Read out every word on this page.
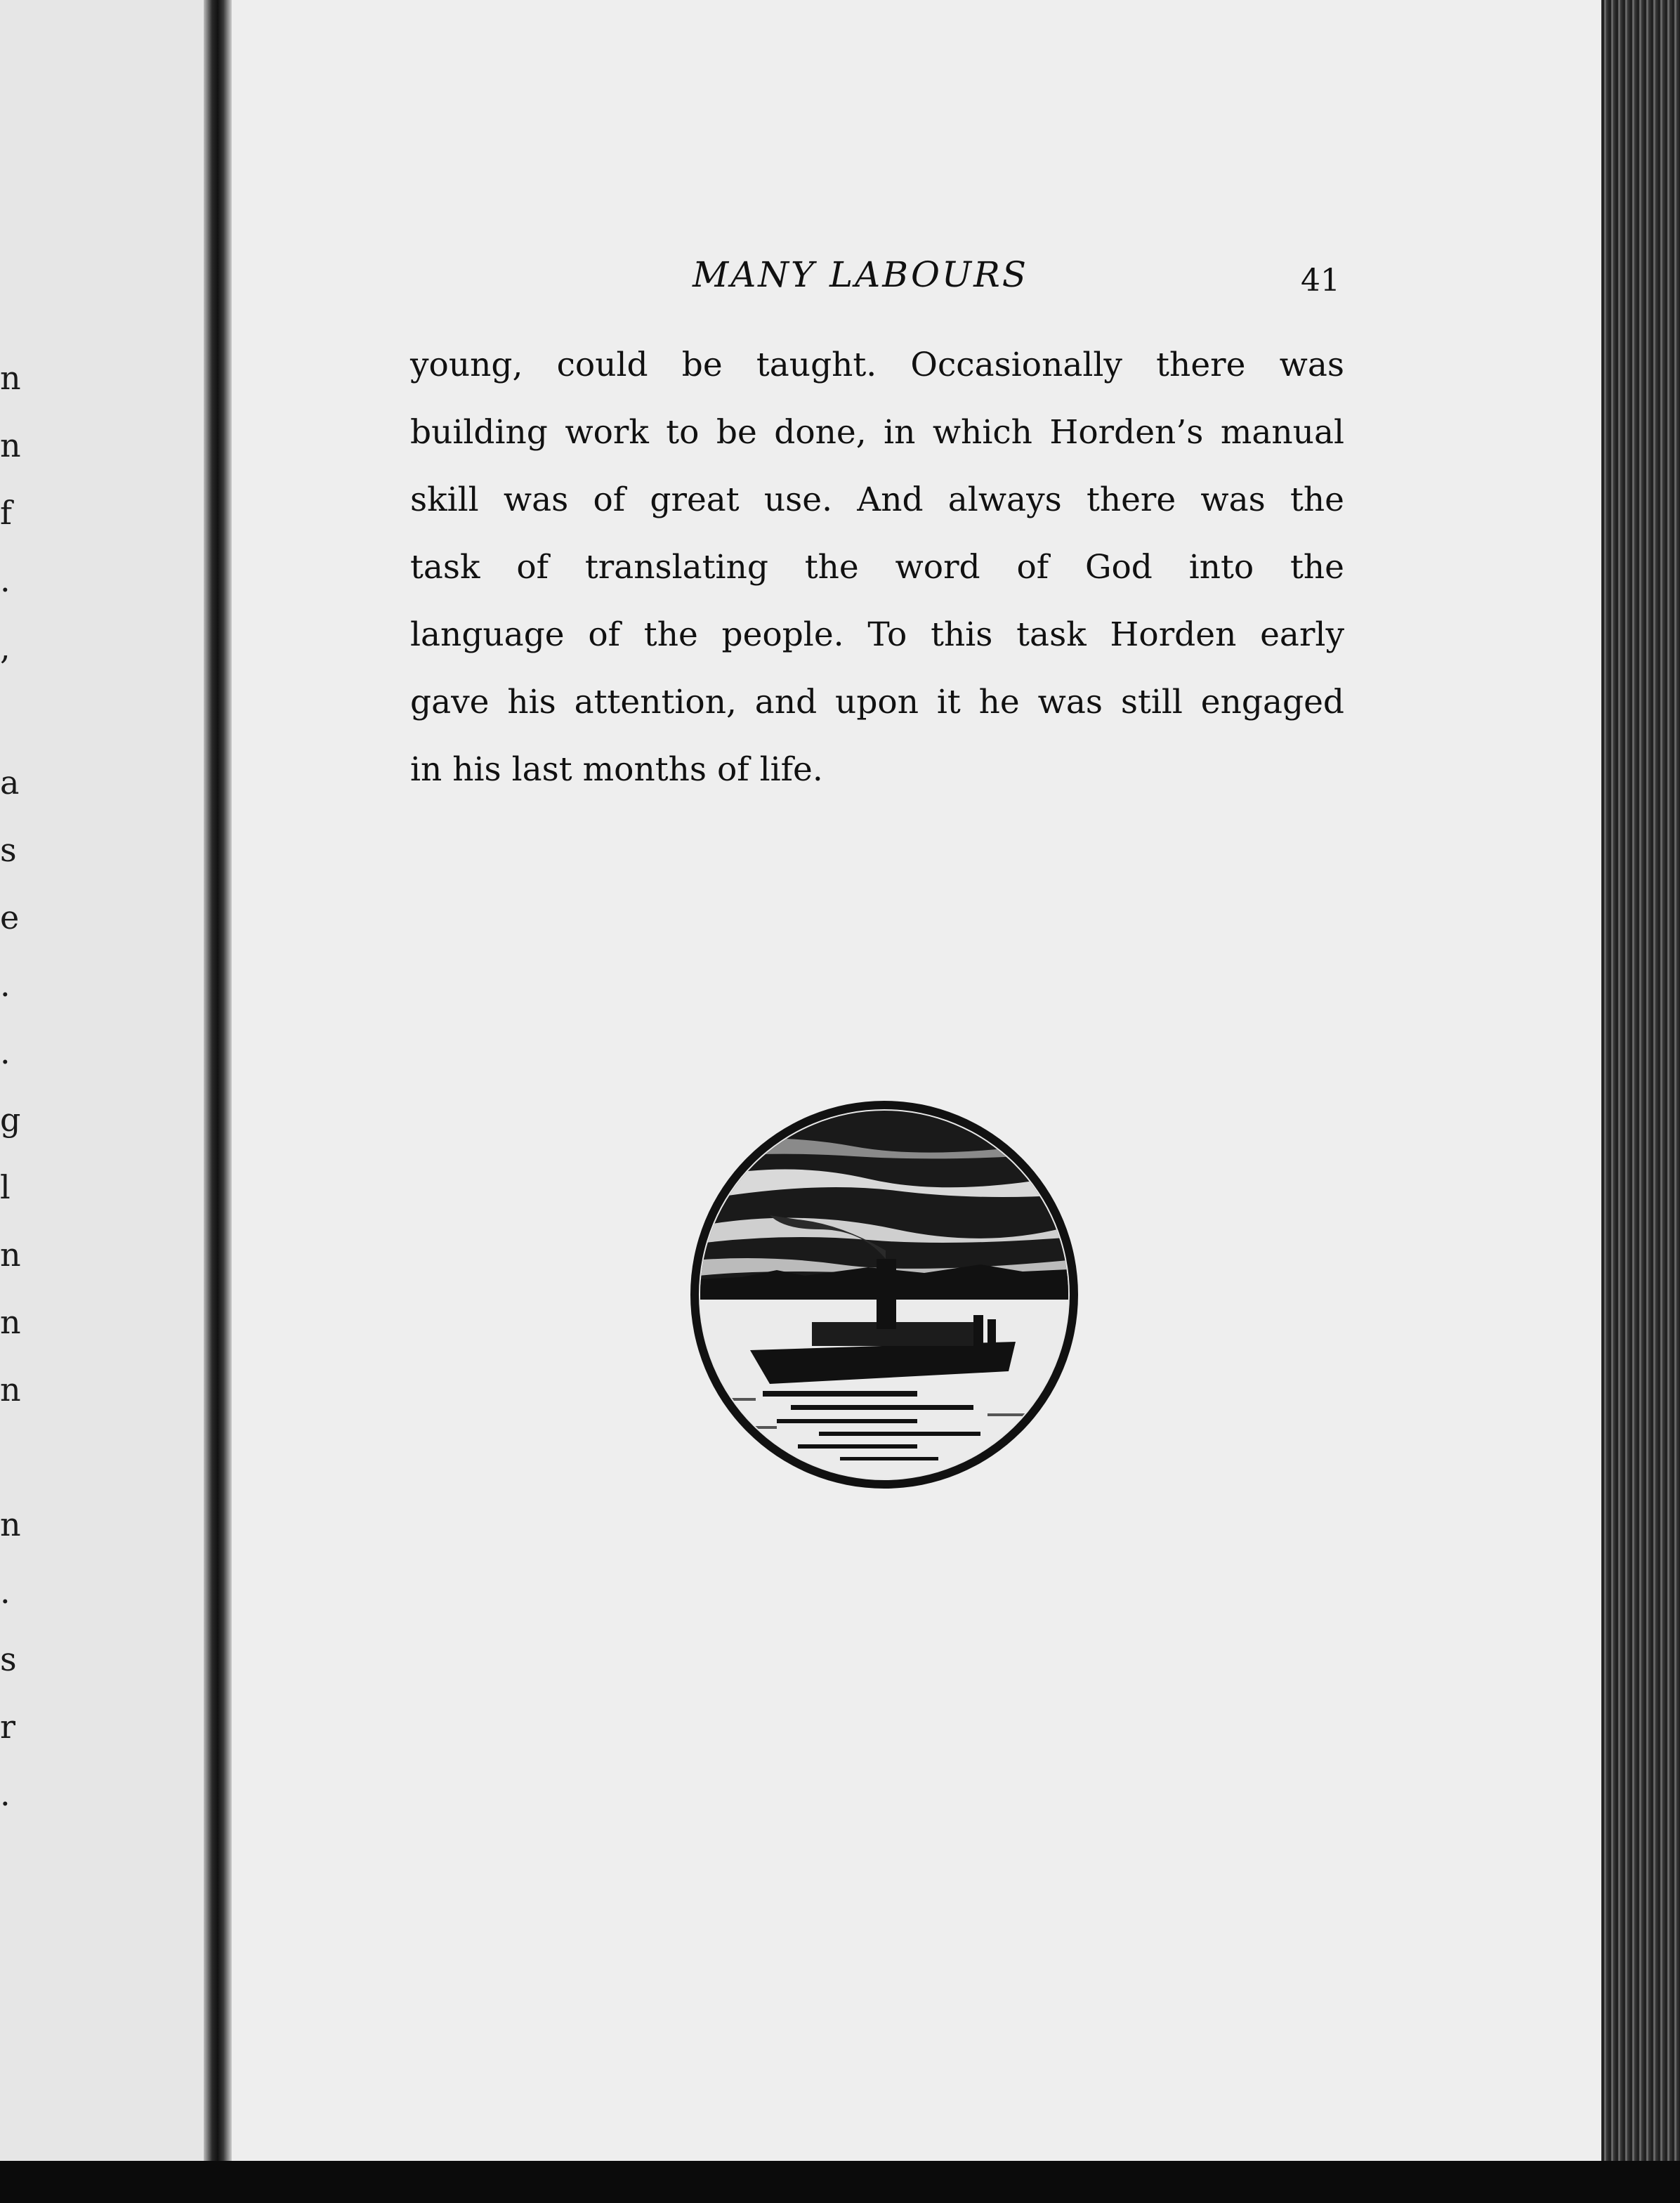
n
n
f
.
,
a
s
e
.
.
g
l
n
n
n
n
.
s
r
.
MANY LABOURS	41
young, could be taught. Occasionally there was
building work to be done, in which Horden’s manual
skill was of great use. And always there was the
task of translating the word of God into the
language of the people. To this task Horden early
gave his attention, and upon it he was still engaged
in his last months of life.
